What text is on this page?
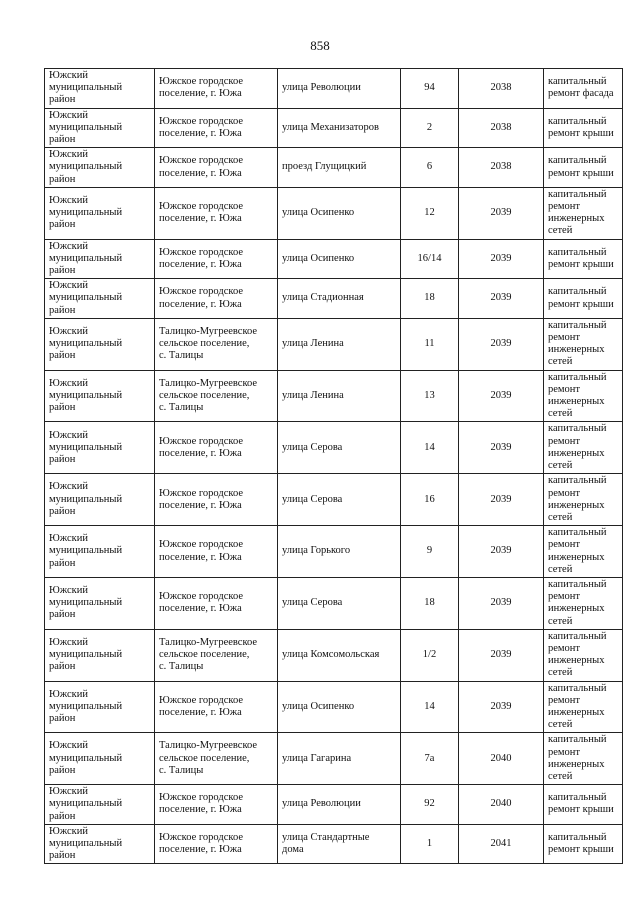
858
Южский
муниципальный
район	Южское городское
поселение, г. Южа	улица Революции	94	2038	капитальный
ремонт фасада

Южский
муниципальный
район	Южское городское
поселение, г. Южа	улица Механизаторов	2	2038	капитальный
ремонт крыши

Южский
муниципальный
район	Южское городское
поселение, г. Южа	проезд Глущицкий	6	2038	капитальный
ремонт крыши

Южский
муниципальный
район	Южское городское
поселение, г. Южа	улица Осипенко	12	2039	капитальный
ремонт
инженерных
сетей

Южский
муниципальный
район	Южское городское
поселение, г. Южа	улица Осипенко	16/14	2039	капитальный
ремонт крыши

Южский
муниципальный
район	Южское городское
поселение, г. Южа	улица Стадионная	18	2039	капитальный
ремонт крыши

Южский
муниципальный
район	Талицко-Мугреевское
сельское поселение,
с. Талицы	улица Ленина	11	2039	капитальный
ремонт
инженерных
сетей

Южский
муниципальный
район	Талицко-Мугреевское
сельское поселение,
с. Талицы	улица Ленина	13	2039	капитальный
ремонт
инженерных
сетей

Южский
муниципальный
район	Южское городское
поселение, г. Южа	улица Серова	14	2039	капитальный
ремонт
инженерных
сетей

Южский
муниципальный
район	Южское городское
поселение, г. Южа	улица Серова	16	2039	капитальный
ремонт
инженерных
сетей

Южский
муниципальный
район	Южское городское
поселение, г. Южа	улица Горького	9	2039	капитальный
ремонт
инженерных
сетей

Южский
муниципальный
район	Южское городское
поселение, г. Южа	улица Серова	18	2039	капитальный
ремонт
инженерных
сетей

Южский
муниципальный
район	Талицко-Мугреевское
сельское поселение,
с. Талицы	улица Комсомольская	1/2	2039	капитальный
ремонт
инженерных
сетей

Южский
муниципальный
район	Южское городское
поселение, г. Южа	улица Осипенко	14	2039	капитальный
ремонт
инженерных
сетей

Южский
муниципальный
район	Талицко-Мугреевское
сельское поселение,
с. Талицы	улица Гагарина	7а	2040	капитальный
ремонт
инженерных
сетей

Южский
муниципальный
район	Южское городское
поселение, г. Южа	улица Революции	92	2040	капитальный
ремонт крыши

Южский
муниципальный
район	Южское городское
поселение, г. Южа	улица Стандартные
дома	1	2041	капитальный
ремонт крыши
